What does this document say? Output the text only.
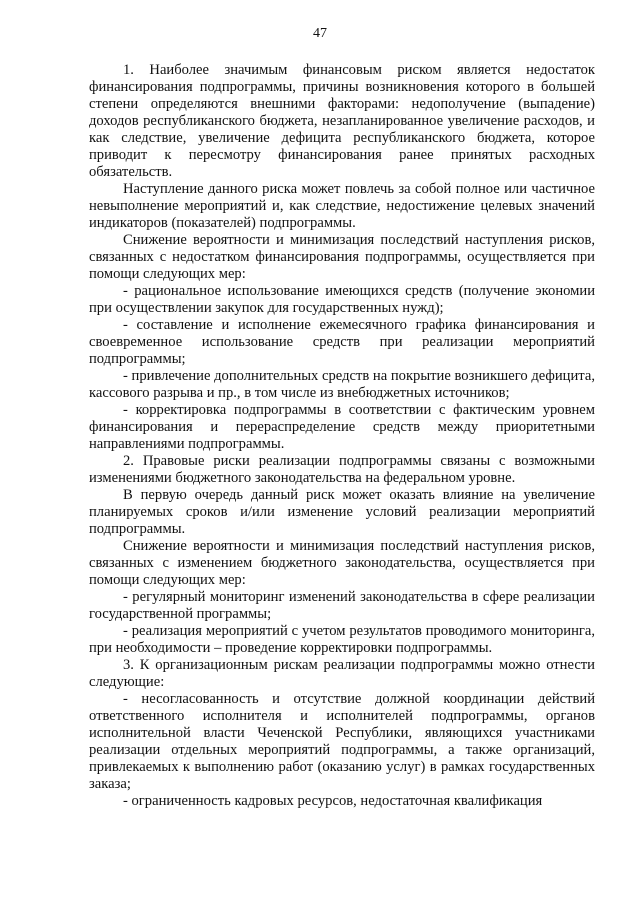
47

1. Наиболее значимым финансовым риском является недостаток финансирования подпрограммы, причины возникновения которого в большей степени определяются внешними факторами: недополучение (выпадение) доходов республиканского бюджета, незапланированное увеличение расходов, и как следствие, увеличение дефицита республиканского бюджета, которое приводит к пересмотру финансирования ранее принятых расходных обязательств.

Наступление данного риска может повлечь за собой полное или частичное невыполнение мероприятий и, как следствие, недостижение целевых значений индикаторов (показателей) подпрограммы.

Снижение вероятности и минимизация последствий наступления рисков, связанных с недостатком финансирования подпрограммы, осуществляется при помощи следующих мер:

- рациональное использование имеющихся средств (получение экономии при осуществлении закупок для государственных нужд);

- составление и исполнение ежемесячного графика финансирования и своевременное использование средств при реализации мероприятий подпрограммы;

- привлечение дополнительных средств на покрытие возникшего дефицита, кассового разрыва и пр., в том числе из внебюджетных источников;

- корректировка подпрограммы в соответствии с фактическим уровнем финансирования и перераспределение средств между приоритетными направлениями подпрограммы.

2. Правовые риски реализации подпрограммы связаны с возможными изменениями бюджетного законодательства на федеральном уровне.

В первую очередь данный риск может оказать влияние на увеличение планируемых сроков и/или изменение условий реализации мероприятий подпрограммы.

Снижение вероятности и минимизация последствий наступления рисков, связанных с изменением бюджетного законодательства, осуществляется при помощи следующих мер:

- регулярный мониторинг изменений законодательства в сфере реализации государственной программы;

- реализация мероприятий с учетом результатов проводимого мониторинга, при необходимости – проведение корректировки подпрограммы.

3. К организационным рискам реализации подпрограммы можно отнести следующие:

- несогласованность и отсутствие должной координации действий ответственного исполнителя и исполнителей подпрограммы, органов исполнительной власти Чеченской Республики, являющихся участниками реализации отдельных мероприятий подпрограммы, а также организаций, привлекаемых к выполнению работ (оказанию услуг) в рамках государственных заказа;

- ограниченность кадровых ресурсов, недостаточная квалификация
